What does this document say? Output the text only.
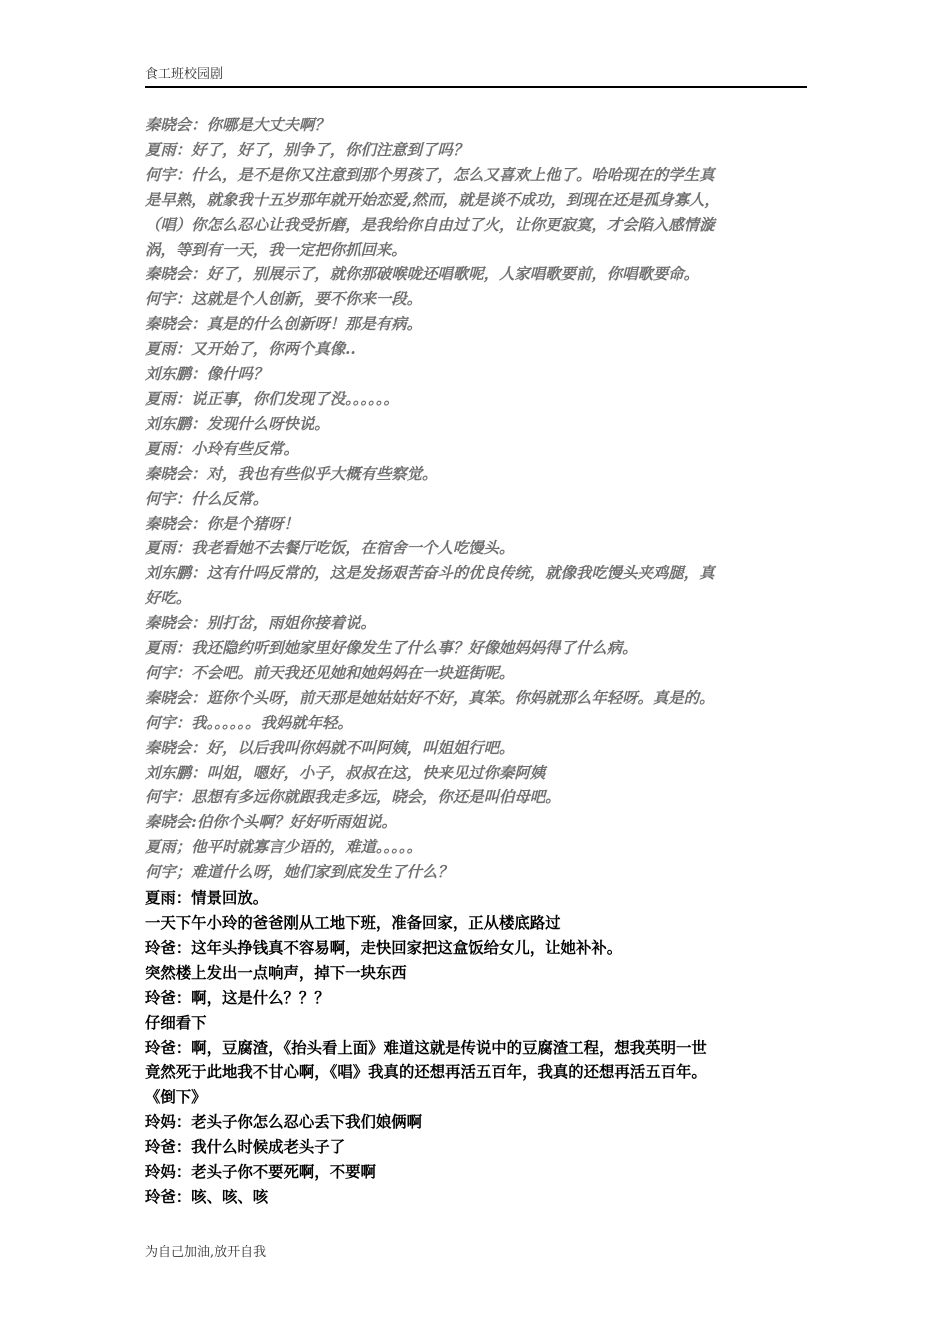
食工班校园剧
秦晓会：你哪是大丈夫啊？
夏雨：好了，好了，别争了，你们注意到了吗？
何宇：什么，是不是你又注意到那个男孩了，怎么又喜欢上他了。哈哈现在的学生真
是早熟，就象我十五岁那年就开始恋爱,然而，就是谈不成功，到现在还是孤身寡人，
（唱）你怎么忍心让我受折磨，是我给你自由过了火，让你更寂寞，才会陷入感情漩
涡，等到有一天，我一定把你抓回来。
秦晓会：好了，别展示了，就你那破喉咙还唱歌呢，人家唱歌要前，你唱歌要命。
何宇：这就是个人创新，要不你来一段。
秦晓会：真是的什么创新呀！那是有病。
夏雨：又开始了，你两个真像..
刘东鹏：像什吗？
夏雨：说正事，你们发现了没。。。。。。
刘东鹏：发现什么呀快说。
夏雨：小玲有些反常。
秦晓会：对，我也有些似乎大概有些察觉。
何宇：什么反常。
秦晓会：你是个猪呀！
夏雨：我老看她不去餐厅吃饭，在宿舍一个人吃馒头。
刘东鹏：这有什吗反常的，这是发扬艰苦奋斗的优良传统，就像我吃馒头夹鸡腿，真
好吃。
秦晓会：别打岔，雨姐你接着说。
夏雨：我还隐约听到她家里好像发生了什么事？好像她妈妈得了什么病。
何宇：不会吧。前天我还见她和她妈妈在一块逛街呢。
秦晓会：逛你个头呀，前天那是她姑姑好不好，真笨。你妈就那么年轻呀。真是的。
何宇：我。。。。。。我妈就年轻。
秦晓会：好，以后我叫你妈就不叫阿姨，叫姐姐行吧。
刘东鹏：叫姐，嗯好，小子，叔叔在这，快来见过你秦阿姨
何宇：思想有多远你就跟我走多远，晓会，你还是叫伯母吧。
秦晓会:伯你个头啊？好好听雨姐说。
夏雨；他平时就寡言少语的，难道。。。。。
何宇；难道什么呀，她们家到底发生了什么？
夏雨：情景回放。
一天下午小玲的爸爸刚从工地下班，准备回家，正从楼底路过
玲爸：这年头挣钱真不容易啊，走快回家把这盒饭给女儿，让她补补。
突然楼上发出一点响声，掉下一块东西
玲爸：啊，这是什么？？？
仔细看下
玲爸：啊，豆腐渣，《抬头看上面》难道这就是传说中的豆腐渣工程，想我英明一世
竟然死于此地我不甘心啊，《唱》我真的还想再活五百年，我真的还想再活五百年。
《倒下》
玲妈：老头子你怎么忍心丢下我们娘俩啊
玲爸：我什么时候成老头子了
玲妈：老头子你不要死啊，不要啊
玲爸：咳、咳、咳
为自己加油,放开自我
